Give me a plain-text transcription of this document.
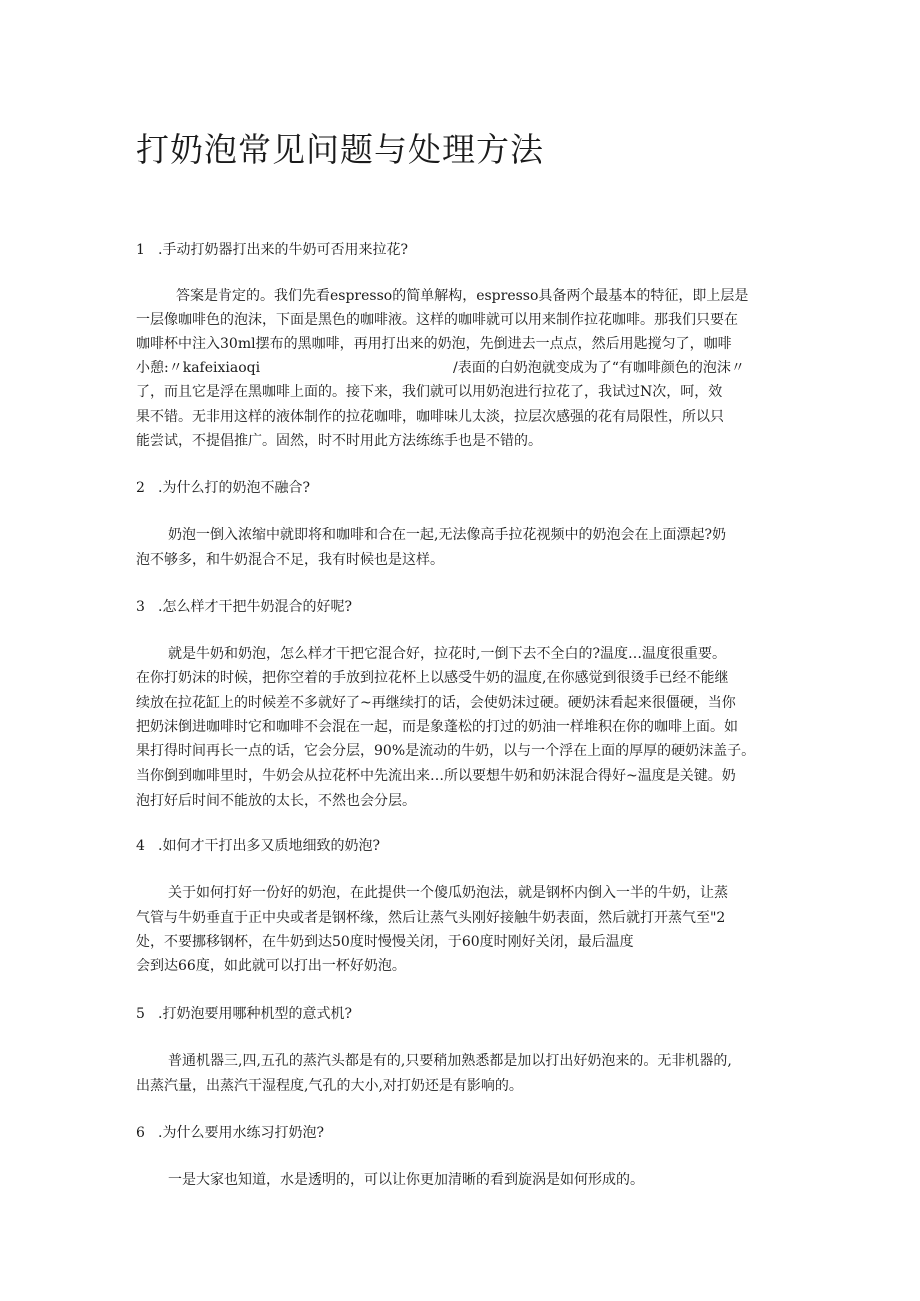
打奶泡常见问题与处理方法
1 .手动打奶器打出来的牛奶可否用来拉花?
答案是肯定的。我们先看espresso的简单解构，espresso具备两个最基本的特征，即上层是
一层像咖啡色的泡沫，下面是黑色的咖啡液。这样的咖啡就可以用来制作拉花咖啡。那我们只要在
咖啡杯中注入30ml摆布的黑咖啡，再用打出来的奶泡，先倒进去一点点，然后用匙搅匀了，咖啡
小憩:〃kafeixiaoqi	/表面的白奶泡就变成为了“有咖啡颜色的泡沫〃
了，而且它是浮在黑咖啡上面的。接下来，我们就可以用奶泡进行拉花了，我试过N次，呵，效
果不错。无非用这样的液体制作的拉花咖啡，咖啡味儿太淡，拉层次感强的花有局限性，所以只
能尝试，不提倡推广。固然，时不时用此方法练练手也是不错的。
2 .为什么打的奶泡不融合?
奶泡一倒入浓缩中就即将和咖啡和合在一起,无法像高手拉花视频中的奶泡会在上面漂起?奶
泡不够多，和牛奶混合不足，我有时候也是这样。
3 .怎么样才干把牛奶混合的好呢?
就是牛奶和奶泡，怎么样才干把它混合好，拉花时,一倒下去不全白的?温度…温度很重要。
在你打奶沫的时候，把你空着的手放到拉花杯上以感受牛奶的温度,在你感觉到很烫手已经不能继
续放在拉花缸上的时候差不多就好了~再继续打的话，会使奶沫过硬。硬奶沫看起来很僵硬，当你
把奶沫倒进咖啡时它和咖啡不会混在一起，而是象蓬松的打过的奶油一样堆积在你的咖啡上面。如
果打得时间再长一点的话，它会分层，90%是流动的牛奶，以与一个浮在上面的厚厚的硬奶沫盖子。
当你倒到咖啡里时，牛奶会从拉花杯中先流出来…所以要想牛奶和奶沫混合得好~温度是关键。奶
泡打好后时间不能放的太长，不然也会分层。
4 .如何才干打出多又质地细致的奶泡?
关于如何打好一份好的奶泡，在此提供一个傻瓜奶泡法，就是钢杯内倒入一半的牛奶，让蒸
气管与牛奶垂直于正中央或者是钢杯缘，然后让蒸气头刚好接触牛奶表面，然后就打开蒸气至"2
处，不要挪移钢杯，在牛奶到达50度时慢慢关闭，于60度时刚好关闭，最后温度
会到达66度，如此就可以打出一杯好奶泡。
5 .打奶泡要用哪种机型的意式机?
普通机器三,四,五孔的蒸汽头都是有的,只要稍加熟悉都是加以打出好奶泡来的。无非机器的,
出蒸汽量，出蒸汽干湿程度,气孔的大小,对打奶还是有影响的。
6 .为什么要用水练习打奶泡?
一是大家也知道，水是透明的，可以让你更加清晰的看到旋涡是如何形成的。
